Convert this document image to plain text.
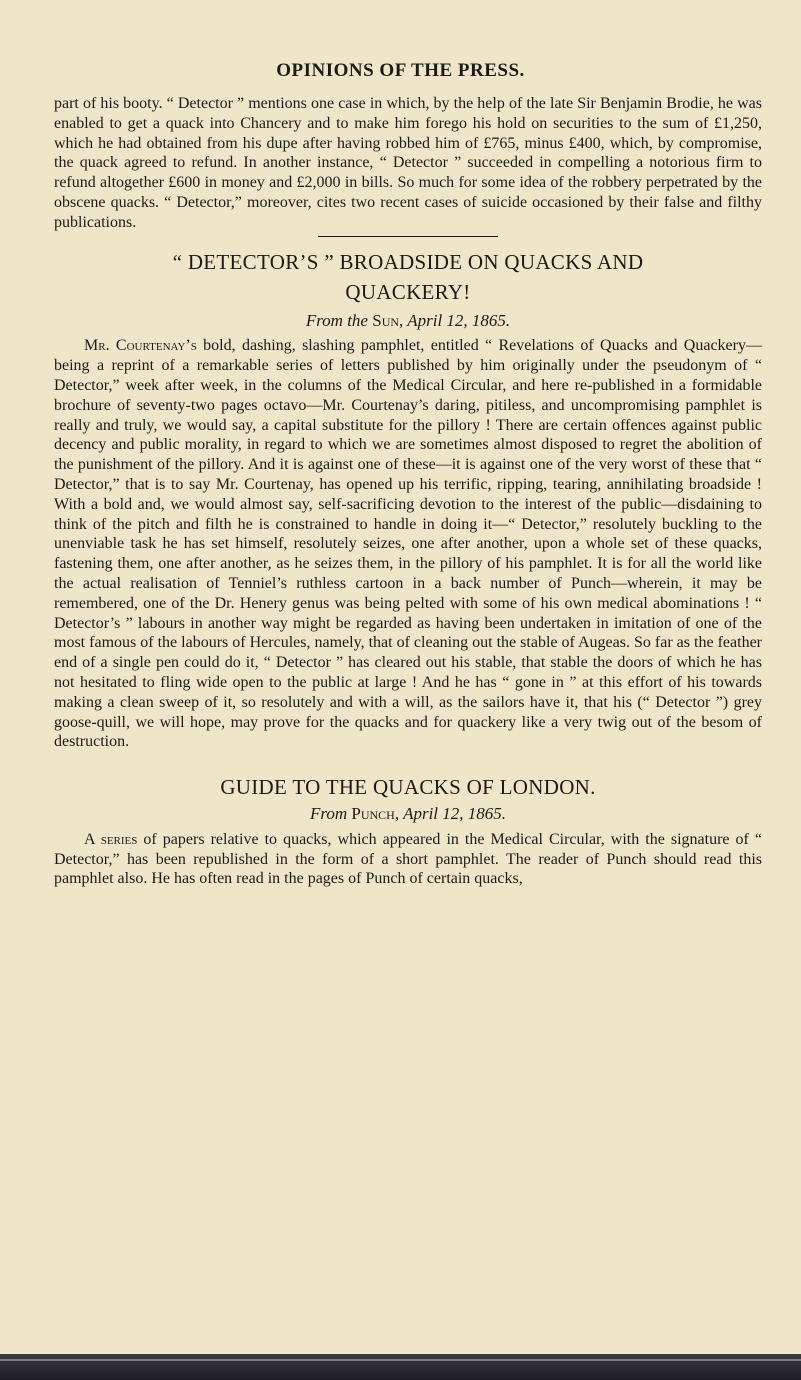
OPINIONS OF THE PRESS.

part of his booty. “ Detector ” mentions one case in which, by the help of the late Sir Benjamin Brodie, he was enabled to get a quack into Chancery and to make him forego his hold on securities to the sum of £1,250, which he had obtained from his dupe after having robbed him of £765, minus £400, which, by compromise, the quack agreed to refund. In another instance, “ Detector ” succeeded in compelling a notorious firm to refund altogether £600 in money and £2,000 in bills. So much for some idea of the robbery perpetrated by the obscene quacks. “ Detector,” moreover, cites two recent cases of suicide occasioned by their false and filthy publications.

“ DETECTOR’S ” BROADSIDE ON QUACKS AND
QUACKERY!
From the Sun, April 12, 1865.

Mr. Courtenay’s bold, dashing, slashing pamphlet, entitled “ Revelations of Quacks and Quackery—being a reprint of a remarkable series of letters published by him originally under the pseudonym of “ Detector,” week after week, in the columns of the Medical Circular, and here re-published in a formidable brochure of seventy-two pages octavo—Mr. Courtenay’s daring, pitiless, and uncompromising pamphlet is really and truly, we would say, a capital substitute for the pillory ! There are certain offences against public decency and public morality, in regard to which we are sometimes almost disposed to regret the abolition of the punishment of the pillory. And it is against one of these—it is against one of the very worst of these that “ Detector,” that is to say Mr. Courtenay, has opened up his terrific, ripping, tearing, annihilating broadside ! With a bold and, we would almost say, self-sacrificing devotion to the interest of the public—disdaining to think of the pitch and filth he is constrained to handle in doing it—“ Detector,” resolutely buckling to the unenviable task he has set himself, resolutely seizes, one after another, upon a whole set of these quacks, fastening them, one after another, as he seizes them, in the pillory of his pamphlet. It is for all the world like the actual realisation of Tenniel’s ruthless cartoon in a back number of Punch—wherein, it may be remembered, one of the Dr. Henery genus was being pelted with some of his own medical abominations ! “ Detector’s ” labours in another way might be regarded as having been undertaken in imitation of one of the most famous of the labours of Hercules, namely, that of cleaning out the stable of Augeas. So far as the feather end of a single pen could do it, “ Detector ” has cleared out his stable, that stable the doors of which he has not hesitated to fling wide open to the public at large ! And he has “ gone in ” at this effort of his towards making a clean sweep of it, so resolutely and with a will, as the sailors have it, that his (“ Detector ”) grey goose-quill, we will hope, may prove for the quacks and for quackery like a very twig out of the besom of destruction.

GUIDE TO THE QUACKS OF LONDON.
From Punch, April 12, 1865.

A series of papers relative to quacks, which appeared in the Medical Circular, with the signature of “ Detector,” has been republished in the form of a short pamphlet. The reader of Punch should read this pamphlet also. He has often read in the pages of Punch of certain quacks,
